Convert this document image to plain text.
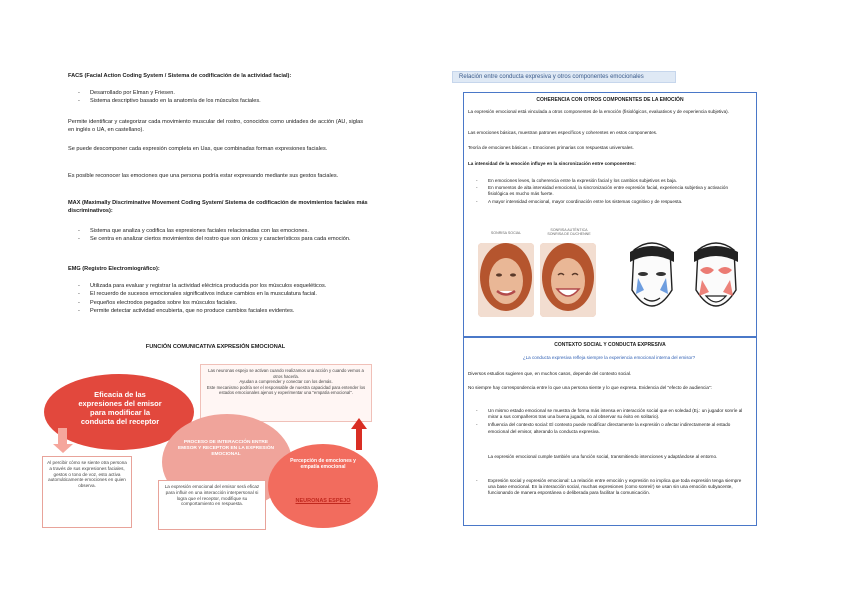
FACS (Facial Action Coding System / Sistema de codificación de la actividad facial):
- Desarrollado por Elman y Friesen.
- Sistema descriptivo basado en la anatomía de los músculos faciales.
Permite identificar y categorizar cada movimiento muscular del rostro, conocidos como unidades de acción (AU, siglas en inglés o UA, en castellano).
Se puede descomponer cada expresión completa en Uas, que combinadas forman expresiones faciales.
Es posible reconocer las emociones que una persona podría estar expresando mediante sus gestos faciales.
MAX (Maximally Discriminative Movement Coding System/ Sistema de codificación de movimientos faciales más discriminativos):
- Sistema que analiza y codifica las expresiones faciales relacionadas con las emociones.
- Se centra en analizar ciertos movimientos del rostro que son únicos y característicos para cada emoción.
EMG (Registro Electromiográfico):
- Utilizada para evaluar y registrar la actividad eléctrica producida por los músculos esqueléticos.
- El recuerdo de sucesos emocionales significativos induce cambios en la musculatura facial.
- Pequeños electrodos pegados sobre los músculos faciales.
- Permite detectar actividad encubierta, que no produce cambios faciales evidentes.
FUNCIÓN COMUNICATIVA EXPRESIÓN EMOCIONAL
Las neuronas espejo se activan cuando realizamos una acción y cuando vemos a otros hacerla.
Ayudan a comprender y conectar con los demás.
Este mecanismo podría ser el responsable de nuestra capacidad para entender los estados emocionales ajenos y experimentar una "empatía emocional".
Eficacia de las expresiones del emisor para modificar la conducta del receptor
PROCESO DE INTERACCIÓN ENTRE EMISOR Y RECEPTOR EN LA EXPRESIÓN EMOCIONAL
Percepción de emociones y empatía emocional
NEURONAS ESPEJO
Al percibir cómo se siente otra persona a través de sus expresiones faciales, gestos o tono de voz, esto activa automáticamente emociones en quien observa.	La expresión emocional del emisor será eficaz para influir en una interacción interpersonal si logra que el receptor, modifique su comportamiento en respuesta.
Relación entre conducta expresiva y otros componentes emocionales
COHERENCIA CON OTROS COMPONENTES DE LA EMOCIÓN
La expresión emocional está vinculada a otros componentes de la emoción (fisiológicos, evaluativos y de experiencia subjetiva).
Las emociones básicas, muestran patrones específicos y coherentes en estos componentes.
Teoría de emociones básicas = Emociones primarias con respuestas universales.
La intensidad de la emoción influye en la sincronización entre componentes:
- En emociones leves, la coherencia entre la expresión facial y los cambios subjetivos es baja.
- En momentos de alta intensidad emocional, la sincronización entre expresión facial, experiencia subjetiva y activación fisiológica es mucho más fuerte.
- A mayor intensidad emocional, mayor coordinación entre los sistemas cognitivo y de respuesta.
SONRISA SOCIAL
SONRISA AUTÉNTICA
SONRISA DE DUCHENNE
CONTEXTO SOCIAL Y CONDUCTA EXPRESIVA
¿La conducta expresiva refleja siempre la experiencia emocional interna del emisor?
Diversos estudios sugieren que, en muchos casos, depende del contexto social.
No siempre hay correspondencia entre lo que una persona siente y lo que expresa. Evidencia del "efecto de audiencia":
- Un mismo estado emocional se muestra de forma más intensa en interacción social que en soledad (Ej.: un jugador sonríe al mirar a sus compañeros tras una buena jugada, no al observar su éxito en solitario).
- Influencia del contexto social: El contexto puede modificar directamente la expresión o afectar indirectamente al estado emocional del emisor, alterando la conducta expresiva.
La expresión emocional cumple también una función social, transmitiendo intenciones y adaptándose al entorno.
- Expresión social y expresión emocional: La relación entre emoción y expresión no implica que toda expresión tenga siempre una base emocional. En la interacción social, muchas expresiones (como sonreír) se usan sin una emoción subyacente, funcionando de manera espontánea o deliberada para facilitar la comunicación.
